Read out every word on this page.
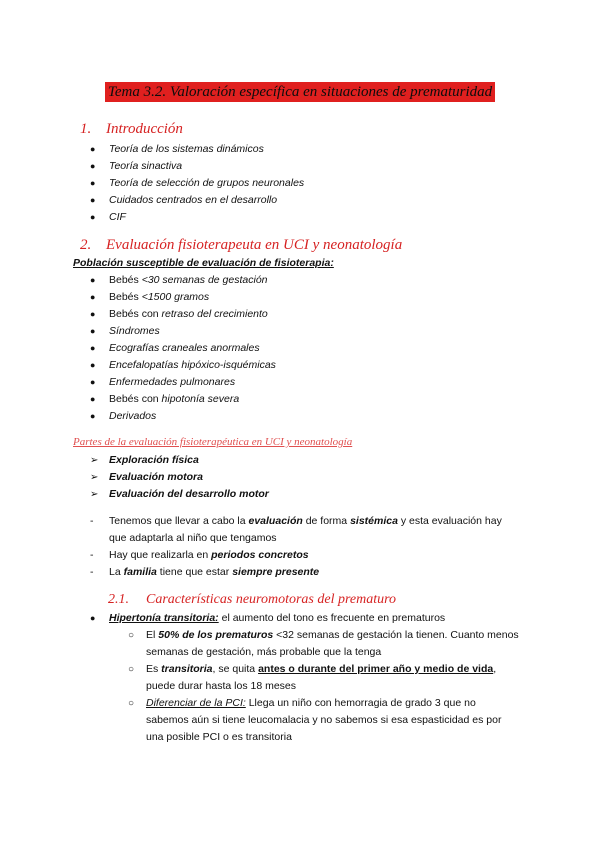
Tema 3.2. Valoración específica en situaciones de prematuridad
1. Introducción
● Teoría de los sistemas dinámicos
● Teoría sinactiva
● Teoría de selección de grupos neuronales
● Cuidados centrados en el desarrollo
● CIF
2. Evaluación fisioterapeuta en UCI y neonatología
Población susceptible de evaluación de fisioterapia:
● Bebés <30 semanas de gestación
● Bebés <1500 gramos
● Bebés con retraso del crecimiento
● Síndromes
● Ecografías craneales anormales
● Encefalopatías hipóxico-isquémicas
● Enfermedades pulmonares
● Bebés con hipotonía severa
● Derivados
Partes de la evaluación fisioterapéutica en UCI y neonatología
➢ Exploración física
➢ Evaluación motora
➢ Evaluación del desarrollo motor
- Tenemos que llevar a cabo la evaluación de forma sistémica y esta evaluación hay
que adaptarla al niño que tengamos
- Hay que realizarla en periodos concretos
- La familia tiene que estar siempre presente
2.1. Características neuromotoras del prematuro
● Hipertonía transitoria: el aumento del tono es frecuente en prematuros
○ El 50% de los prematuros <32 semanas de gestación la tienen. Cuanto menos
semanas de gestación, más probable que la tenga
○ Es transitoria, se quita antes o durante del primer año y medio de vida,
puede durar hasta los 18 meses
○ Diferenciar de la PCI: Llega un niño con hemorragia de grado 3 que no
sabemos aún si tiene leucomalacia y no sabemos si esa espasticidad es por
una posible PCI o es transitoria
